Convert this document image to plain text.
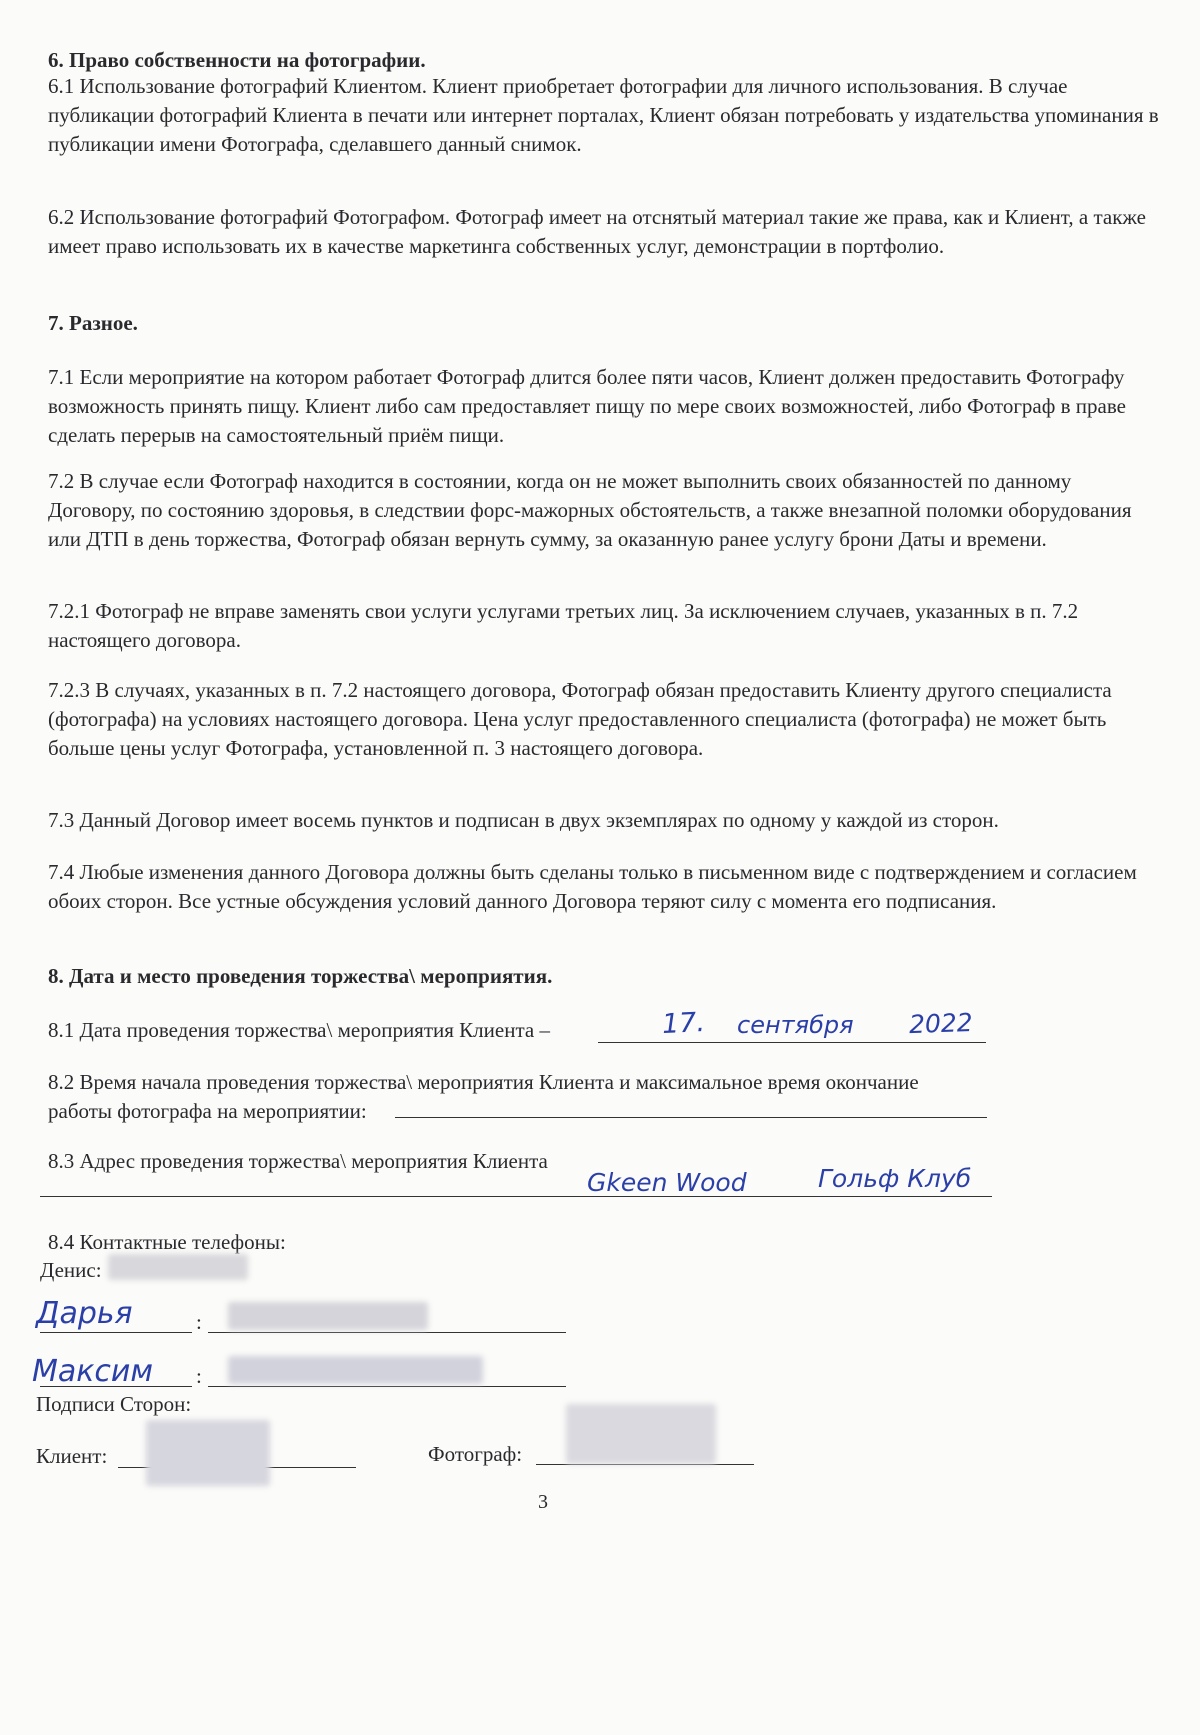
6. Право собственности на фотографии.

6.1 Использование фотографий Клиентом. Клиент приобретает фотографии для личного использования. В случае публикации фотографий Клиента в печати или интернет порталах, Клиент обязан потребовать у издательства упоминания в публикации имени Фотографа, сделавшего данный снимок.

6.2 Использование фотографий Фотографом. Фотограф имеет на отснятый материал такие же права, как и Клиент, а также имеет право использовать их в качестве маркетинга собственных услуг, демонстрации в портфолио.

7. Разное.

7.1 Если мероприятие на котором работает Фотограф длится более пяти часов, Клиент должен предоставить Фотографу возможность принять пищу. Клиент либо сам предоставляет пищу по мере своих возможностей, либо Фотограф в праве сделать перерыв на самостоятельный приём пищи.

7.2 В случае если Фотограф находится в состоянии, когда он не может выполнить своих обязанностей по данному Договору, по состоянию здоровья, в следствии форс-мажорных обстоятельств, а также внезапной поломки оборудования или ДТП в день торжества, Фотограф обязан вернуть сумму, за оказанную ранее услугу брони Даты и времени.

7.2.1 Фотограф не вправе заменять свои услуги услугами третьих лиц. За исключением случаев, указанных в п. 7.2 настоящего договора.

7.2.3 В случаях, указанных в п. 7.2 настоящего договора, Фотограф обязан предоставить Клиенту другого специалиста (фотографа) на условиях настоящего договора. Цена услуг предоставленного специалиста (фотографа) не может быть больше цены услуг Фотографа, установленной п. 3 настоящего договора.

7.3 Данный Договор имеет восемь пунктов и подписан в двух экземплярах по одному у каждой из сторон.

7.4 Любые изменения данного Договора должны быть сделаны только в письменном виде с подтверждением и согласием обоих сторон. Все устные обсуждения условий данного Договора теряют силу с момента его подписания.

8. Дата и место проведения торжества\ мероприятия.

8.1 Дата проведения торжества\ мероприятия Клиента –	17. сентября 2022

8.2 Время начала проведения торжества\ мероприятия Клиента и максимальное время окончание

работы фотографа на мероприятии:

8.3 Адрес проведения торжества\ мероприятия Клиента

Gkeen Wood	Гольф Клуб

8.4 Контактные телефоны:

Денис:

Дарья	:
Максим :

Подписи Сторон:

Клиент:	Фотограф:

3
